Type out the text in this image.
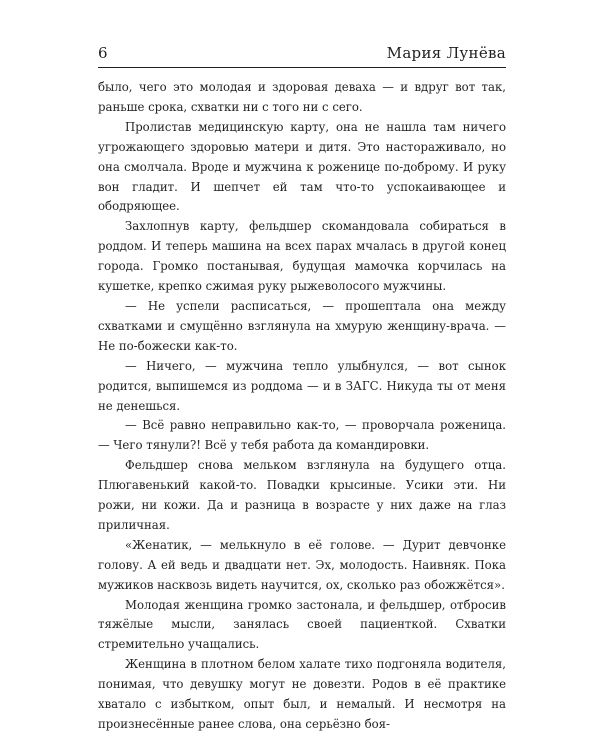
6	Мария Лунёва

было, чего это молодая и здоровая деваха — и вдруг вот так, раньше срока, схватки ни с того ни с сего.

Пролистав медицинскую карту, она не нашла там ничего угрожающего здоровью матери и дитя. Это настораживало, но она смолчала. Вроде и мужчина к роженице по-доброму. И руку вон гладит. И шепчет ей там что-то успокаивающее и ободряющее.

Захлопнув карту, фельдшер скомандовала собираться в роддом. И теперь машина на всех парах мчалась в другой конец города. Громко постанывая, будущая мамочка корчилась на кушетке, крепко сжимая руку рыжеволосого мужчины.

— Не успели расписаться, — прошептала она между схватками и смущённо взглянула на хмурую женщину-врача. — Не по-божески как-то.

— Ничего, — мужчина тепло улыбнулся, — вот сынок родится, выпишемся из роддома — и в ЗАГС. Никуда ты от меня не денешься.

— Всё равно неправильно как-то, — проворчала роженица. — Чего тянули?! Всё у тебя работа да командировки.

Фельдшер снова мельком взглянула на будущего отца. Плюгавенький какой-то. Повадки крысиные. Усики эти. Ни рожи, ни кожи. Да и разница в возрасте у них даже на глаз приличная.

«Женатик, — мелькнуло в её голове. — Дурит девчонке голову. А ей ведь и двадцати нет. Эх, молодость. Наивняк. Пока мужиков насквозь видеть научится, ох, сколько раз обожжётся».

Молодая женщина громко застонала, и фельдшер, отбросив тяжёлые мысли, занялась своей пациенткой. Схватки стремительно учащались.

Женщина в плотном белом халате тихо подгоняла водителя, понимая, что девушку могут не довезти. Родов в её практике хватало с избытком, опыт был, и немалый. И несмотря на произнесённые ранее слова, она серьёзно боя-
